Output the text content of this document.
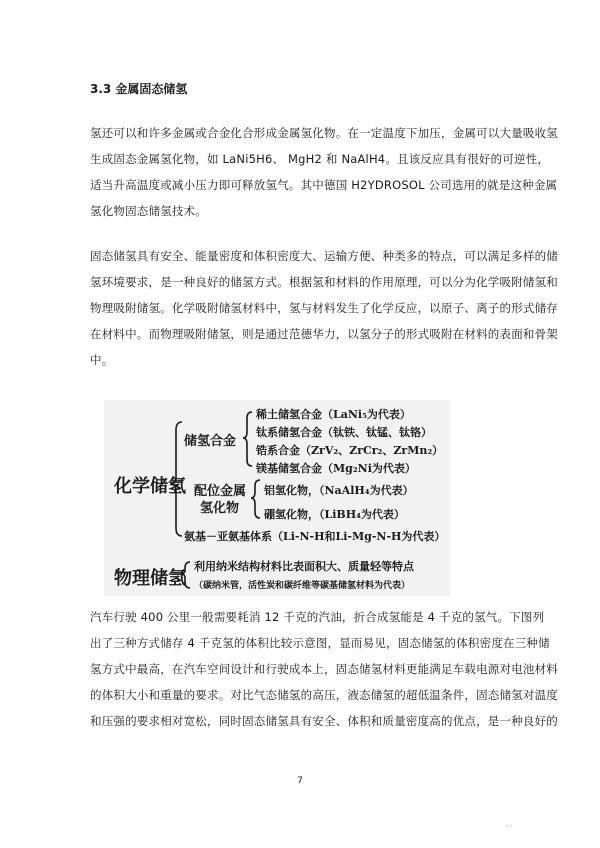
3.3 金属固态储氢
氢还可以和许多金属或合金化合形成金属氢化物。在一定温度下加压，金属可以大量吸收氢
生成固态金属氢化物，如 LaNi5H6、 MgH2 和 NaAlH4。且该反应具有很好的可逆性，
适当升高温度或减小压力即可释放氢气。其中德国 H2YDROSOL 公司选用的就是这种金属
氢化物固态储氢技术。
固态储氢具有安全、能量密度和体积密度大、运输方便、种类多的特点，可以满足多样的储
氢环境要求，是一种良好的储氢方式。根据氢和材料的作用原理，可以分为化学吸附储氢和
物理吸附储氢。化学吸附储氢材料中，氢与材料发生了化学反应，以原子、离子的形式储存
在材料中。而物理吸附储氢，则是通过范德华力，以氢分子的形式吸附在材料的表面和骨架
中。
化学储氢
储氢合金
稀土储氢合金（LaNi₅为代表）
钛系储氢合金（钛铁、钛锰、钛铬）
锆系合金（ZrV₂、ZrCr₂、ZrMn₂）
镁基储氢合金（Mg₂Ni为代表）
配位金属
氢化物
铝氢化物，（NaAlH₄为代表）
硼氢化物，（LiBH₄为代表）
氨基－亚氨基体系（Li-N-H和Li-Mg-N-H为代表）
物理储氢
利用纳米结构材料比表面积大、质量轻等特点
（碳纳米管，活性炭和碳纤维等碳基储氢材料为代表）
汽车行驶 400 公里一般需要耗消 12 千克的汽油，折合成氢能是 4 千克的氢气。下图列
出了三种方式储存 4 千克氢的体积比较示意图，显而易见，固态储氢的体积密度在三种储
氢方式中最高，在汽车空间设计和行驶成本上，固态储氢材料更能满足车载电源对电池材料
的体积大小和重量的要求。对比气态储氢的高压，液态储氢的超低温条件，固态储氢对温度
和压强的要求相对宽松，同时固态储氢具有安全、体积和质量密度高的优点，是一种良好的
7
···
